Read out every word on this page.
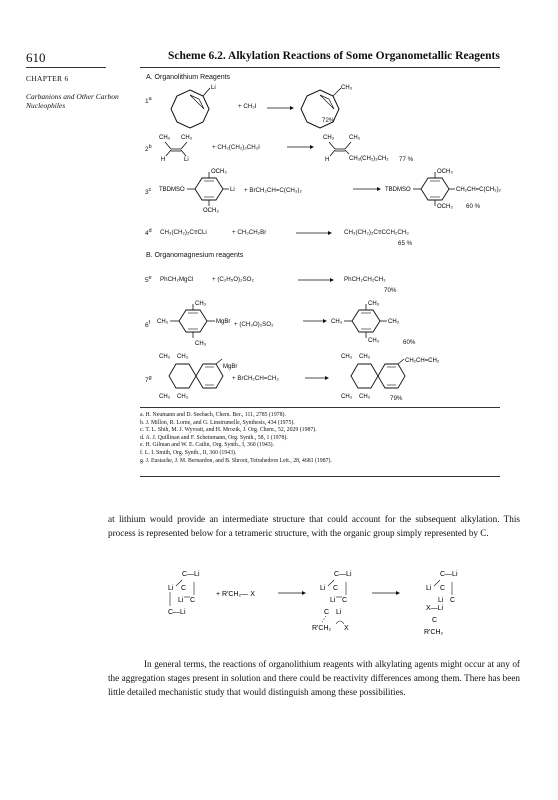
610	Scheme 6.2. Alkylation Reactions of Some Organometallic Reagents
CHAPTER 6
Carbanions and Other Carbon Nucleophiles
A. Organolithium Reagents
1$^a$
Li	CH₃
+ CH₃I
72%
2$^b$
CH₃ CH₃
H	Li
CH₃ CH₃
H	CH₃(CH₂)₃CH₂
+ CH₃(CH₂)₃CH₂I
77 %
3$^c$ TBDMSO
OCH₃
OCH₃
Li	TBDMSO
OCH₃
OCH₃
CH₂CH=C(CH₃)₂
+ BrCH₂CH=C(CH₃)₂
60 %
4$^d$ CH₃(CH₂)₃C≡CLi	+ CH₃CH₂Br → CH₃(CH₂)₃C≡CCH₂CH₃
65 %
B. Organomagnesium reagents
5e PhCH₂MgCl	+ (C₂H₅O)₂SO₂	→ PhCH₂CH₂CH₃
70%
6$^f$ CH₃
CH₃
CH₃
MgBr	CH₃
CH₃
CH₃
CH₃
+ (CH₃O)₂SO₂
60%
7$^g$
CH₃ CH₃
CH₃ CH₃
MgBr
CH₃ CH₃
CH₃ CH₃
CH₂CH=CH₂
+ BrCH₂CH=CH₂
79%
a. H. Neumann and D. Seebach, Chem. Ber., 111, 2785 (1978).
b. J. Millon, R. Lorne, and G. Linstrumelle, Synthesis, 434 (1975).
c. T. L. Shih, M. J. Wyvratt, and H. Mrozik, J. Org. Chem., 52, 2029 (1987).
d. A. J. Quillinan and F. Scheinmann, Org. Synth., 58, 1 (1978).
e. H. Gilman and W. E. Catlin, Org. Synth., I, 360 (1943).
f. L. I. Smith, Org. Synth., II, 360 (1943).
g. J. Eustache, J. M. Bernardon, and B. Shroot, Tetrahedron Lett., 28, 4681 (1987).
at lithium would provide an intermediate structure that could account for the subsequent alkylation. This process is represented below for a tetrameric structure, with the organic group simply represented by C.
C—Li
Li C
Li C
C—Li
+ R'CH₂— X
C—Li
Li C
Li C
C Li
R'CH₂ X
C—Li
Li C
Li C
X—Li
C
R'CH₂
In general terms, the reactions of organolithium reagents with alkylating agents might occur at any of the aggregation stages present in solution and there could be reactivity differences among them. There has been little detailed mechanistic study that would distinguish among these possibilities.
